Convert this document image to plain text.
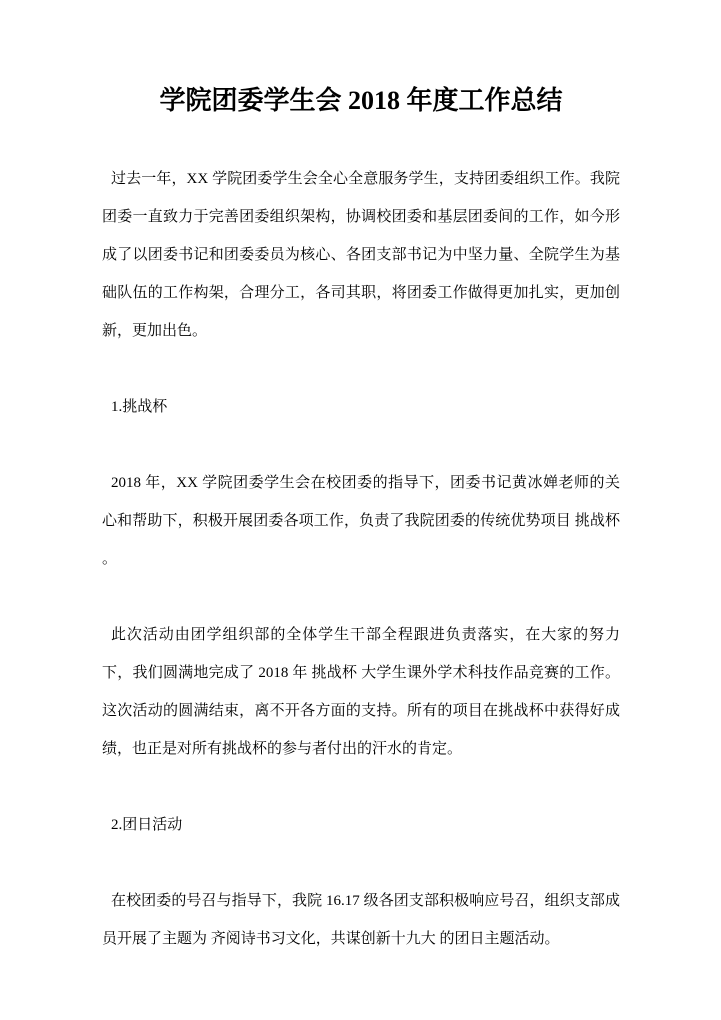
学院团委学生会 2018 年度工作总结

过去一年，XX 学院团委学生会全心全意服务学生，支持团委组织工作。我院团委一直致力于完善团委组织架构，协调校团委和基层团委间的工作，如今形成了以团委书记和团委委员为核心、各团支部书记为中坚力量、全院学生为基础队伍的工作构架，合理分工，各司其职，将团委工作做得更加扎实，更加创新，更加出色。

1.挑战杯

2018 年，XX 学院团委学生会在校团委的指导下，团委书记黄冰婵老师的关心和帮助下，积极开展团委各项工作，负责了我院团委的传统优势项目 挑战杯 。

此次活动由团学组织部的全体学生干部全程跟进负责落实，在大家的努力下，我们圆满地完成了 2018 年 挑战杯 大学生课外学术科技作品竞赛的工作。这次活动的圆满结束，离不开各方面的支持。所有的项目在挑战杯中获得好成绩，也正是对所有挑战杯的参与者付出的汗水的肯定。

2.团日活动

在校团委的号召与指导下，我院 16.17 级各团支部积极响应号召，组织支部成员开展了主题为 齐阅诗书习文化，共谋创新十九大 的团日主题活动。
